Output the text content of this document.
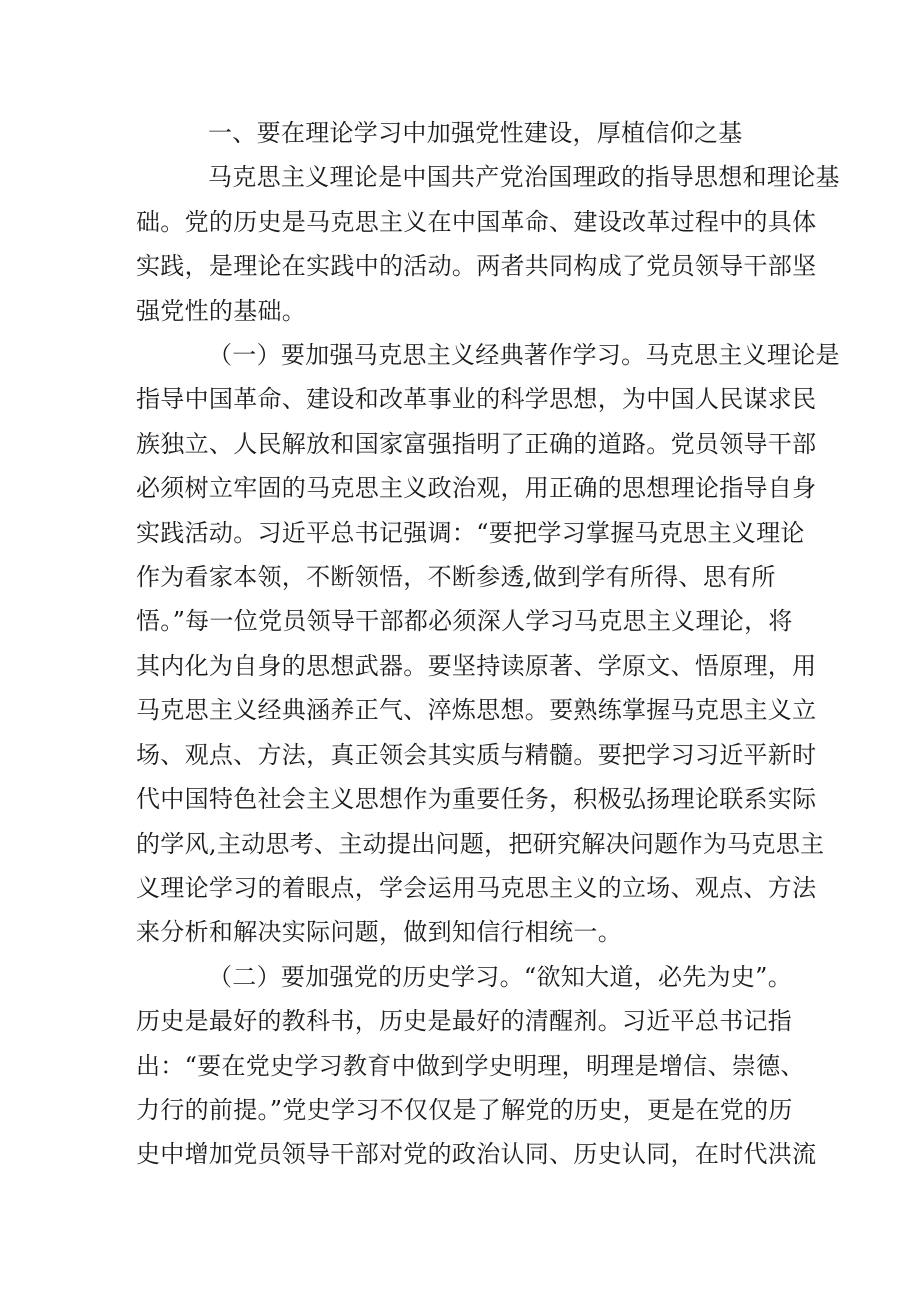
一、要在理论学习中加强党性建设，厚植信仰之基
马克思主义理论是中国共产党治国理政的指导思想和理论基
础。党的历史是马克思主义在中国革命、建设改革过程中的具体
实践，是理论在实践中的活动。两者共同构成了党员领导干部坚
强党性的基础。
（一）要加强马克思主义经典著作学习。马克思主义理论是
指导中国革命、建设和改革事业的科学思想，为中国人民谋求民
族独立、人民解放和国家富强指明了正确的道路。党员领导干部
必须树立牢固的马克思主义政治观，用正确的思想理论指导自身
实践活动。习近平总书记强调：“要把学习掌握马克思主义理论
作为看家本领，不断领悟，不断参透,做到学有所得、思有所
悟。”每一位党员领导干部都必须深人学习马克思主义理论，将
其内化为自身的思想武器。要坚持读原著、学原文、悟原理，用
马克思主义经典涵养正气、淬炼思想。要熟练掌握马克思主义立
场、观点、方法，真正领会其实质与精髓。要把学习习近平新时
代中国特色社会主义思想作为重要任务，积极弘扬理论联系实际
的学风,主动思考、主动提出问题，把研究解决问题作为马克思主
义理论学习的着眼点，学会运用马克思主义的立场、观点、方法
来分析和解决实际问题，做到知信行相统一。
（二）要加强党的历史学习。“欲知大道，必先为史”。
历史是最好的教科书，历史是最好的清醒剂。习近平总书记指
出：“要在党史学习教育中做到学史明理，明理是增信、崇德、
力行的前提。”党史学习不仅仅是了解党的历史，更是在党的历
史中增加党员领导干部对党的政治认同、历史认同，在时代洪流
